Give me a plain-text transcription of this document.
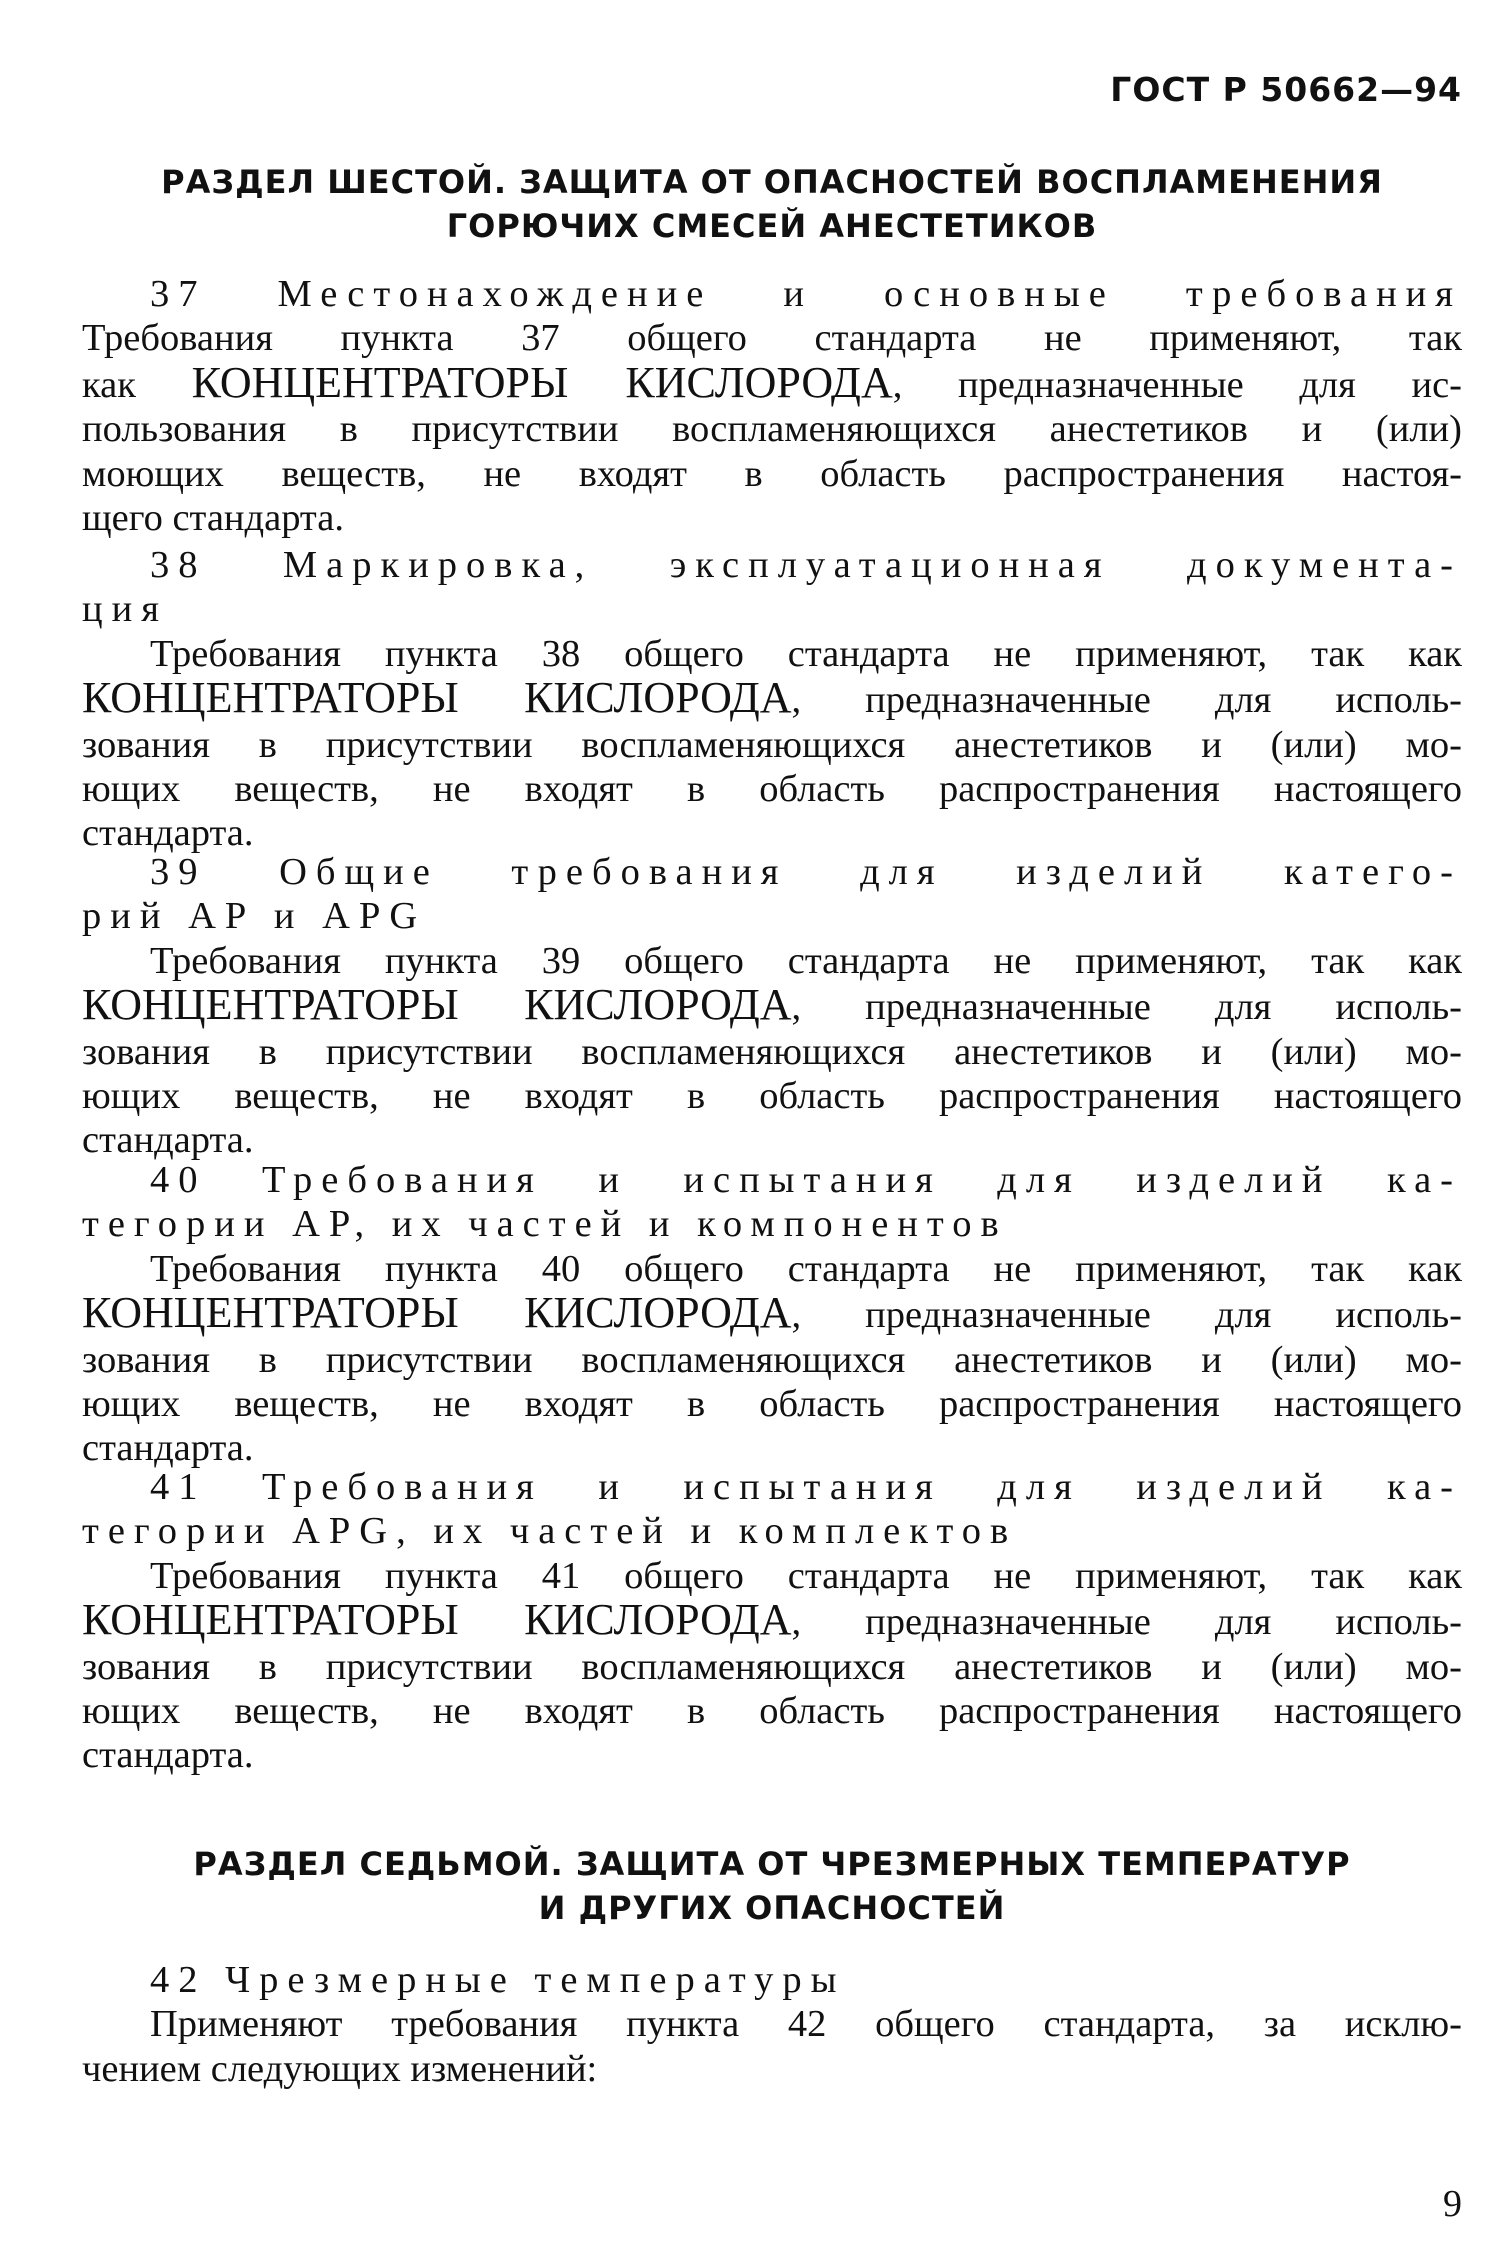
ГОСТ Р 50662—94
РАЗДЕЛ ШЕСТОЙ. ЗАЩИТА ОТ ОПАСНОСТЕЙ ВОСПЛАМЕНЕНИЯ
ГОРЮЧИХ СМЕСЕЙ АНЕСТЕТИКОВ
37 Местонахождение и основные требования
Требования пункта 37 общего стандарта не применяют, так
как КОНЦЕНТРАТОРЫ КИСЛОРОДА, предназначенные для ис-
пользования в присутствии воспламеняющихся анестетиков и (или)
моющих веществ, не входят в область распространения настоя-
щего стандарта.
38 Маркировка, эксплуатационная документа-
ция
Требования пункта 38 общего стандарта не применяют, так как
КОНЦЕНТРАТОРЫ КИСЛОРОДА, предназначенные для исполь-
зования в присутствии воспламеняющихся анестетиков и (или) мо-
ющих веществ, не входят в область распространения настоящего
стандарта.
39 Общие требования для изделий катего-
рий АР и АРG
Требования пункта 39 общего стандарта не применяют, так как
КОНЦЕНТРАТОРЫ КИСЛОРОДА, предназначенные для исполь-
зования в присутствии воспламеняющихся анестетиков и (или) мо-
ющих веществ, не входят в область распространения настоящего
стандарта.
40 Требования и испытания для изделий ка-
тегории АР, их частей и компонентов
Требования пункта 40 общего стандарта не применяют, так как
КОНЦЕНТРАТОРЫ КИСЛОРОДА, предназначенные для исполь-
зования в присутствии воспламеняющихся анестетиков и (или) мо-
ющих веществ, не входят в область распространения настоящего
стандарта.
41 Требования и испытания для изделий ка-
тегории АРG, их частей и комплектов
Требования пункта 41 общего стандарта не применяют, так как
КОНЦЕНТРАТОРЫ КИСЛОРОДА, предназначенные для исполь-
зования в присутствии воспламеняющихся анестетиков и (или) мо-
ющих веществ, не входят в область распространения настоящего
стандарта.
РАЗДЕЛ СЕДЬМОЙ. ЗАЩИТА ОТ ЧРЕЗМЕРНЫХ ТЕМПЕРАТУР
И ДРУГИХ ОПАСНОСТЕЙ
42 Чрезмерные температуры
Применяют требования пункта 42 общего стандарта, за исклю-
чением следующих изменений:
9
